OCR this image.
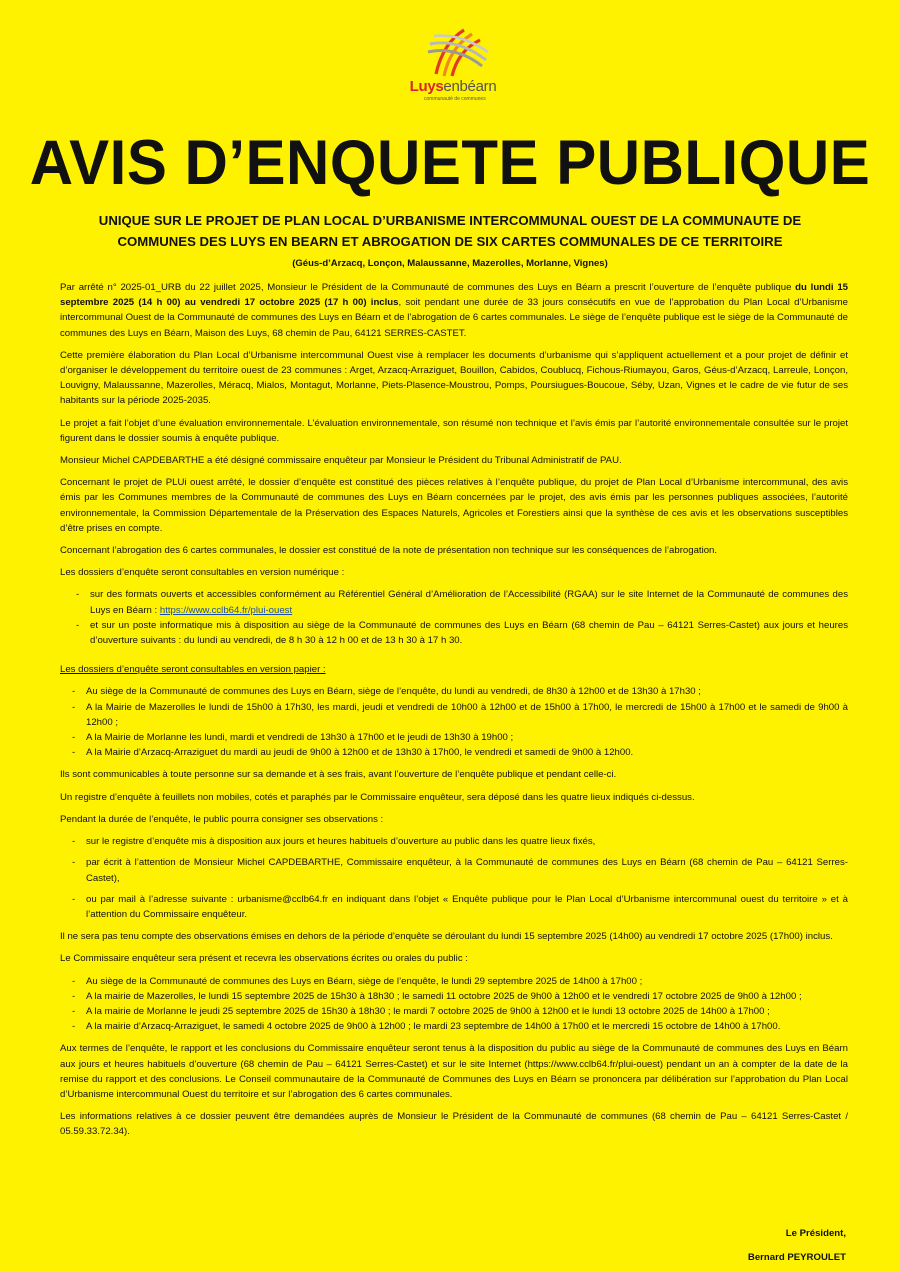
Luysenbéarn
communauté de communes
AVIS D’ENQUETE PUBLIQUE
UNIQUE SUR LE PROJET DE PLAN LOCAL D’URBANISME INTERCOMMUNAL OUEST DE LA COMMUNAUTE DE COMMUNES DES LUYS EN BEARN ET ABROGATION DE SIX CARTES COMMUNALES DE CE TERRITOIRE
(Géus-d’Arzacq, Lonçon, Malaussanne, Mazerolles, Morlanne, Vignes)

Par arrêté n° 2025-01_URB du 22 juillet 2025, Monsieur le Président de la Communauté de communes des Luys en Béarn a prescrit l’ouverture de l’enquête publique du lundi 15 septembre 2025 (14 h 00) au vendredi 17 octobre 2025 (17 h 00) inclus, soit pendant une durée de 33 jours consécutifs en vue de l’approbation du Plan Local d’Urbanisme intercommunal Ouest de la Communauté de communes des Luys en Béarn et de l’abrogation de 6 cartes communales. Le siège de l’enquête publique est le siège de la Communauté de communes des Luys en Béarn, Maison des Luys, 68 chemin de Pau, 64121 SERRES-CASTET.

Cette première élaboration du Plan Local d’Urbanisme intercommunal Ouest vise à remplacer les documents d’urbanisme qui s’appliquent actuellement et a pour projet de définir et d’organiser le développement du territoire ouest de 23 communes : Arget, Arzacq-Arraziguet, Bouillon, Cabidos, Coublucq, Fichous-Riumayou, Garos, Géus-d’Arzacq, Larreule, Lonçon, Louvigny, Malaussanne, Mazerolles, Méracq, Mialos, Montagut, Morlanne, Piets-Plasence-Moustrou, Pomps, Poursiugues-Boucoue, Séby, Uzan, Vignes et le cadre de vie futur de ses habitants sur la période 2025-2035.

Le projet a fait l’objet d’une évaluation environnementale. L’évaluation environnementale, son résumé non technique et l’avis émis par l’autorité environnementale consultée sur le projet figurent dans le dossier soumis à enquête publique.

Monsieur Michel CAPDEBARTHE a été désigné commissaire enquêteur par Monsieur le Président du Tribunal Administratif de PAU.

Concernant le projet de PLUi ouest arrêté, le dossier d’enquête est constitué des pièces relatives à l’enquête publique, du projet de Plan Local d’Urbanisme intercommunal, des avis émis par les Communes membres de la Communauté de communes des Luys en Béarn concernées par le projet, des avis émis par les personnes publiques associées, l’autorité environnementale, la Commission Départementale de la Préservation des Espaces Naturels, Agricoles et Forestiers ainsi que la synthèse de ces avis et les observations susceptibles d’être prises en compte.

Concernant l’abrogation des 6 cartes communales, le dossier est constitué de la note de présentation non technique sur les conséquences de l’abrogation.

Les dossiers d’enquête seront consultables en version numérique :

- sur des formats ouverts et accessibles conformément au Référentiel Général d’Amélioration de l’Accessibilité (RGAA) sur le site Internet de la Communauté de communes des Luys en Béarn : https://www.cclb64.fr/plui-ouest
- et sur un poste informatique mis à disposition au siège de la Communauté de communes des Luys en Béarn (68 chemin de Pau – 64121 Serres-Castet) aux jours et heures d’ouverture suivants : du lundi au vendredi, de 8 h 30 à 12 h 00 et de 13 h 30 à 17 h 30.

Les dossiers d’enquête seront consultables en version papier :

- Au siège de la Communauté de communes des Luys en Béarn, siège de l’enquête, du lundi au vendredi, de 8h30 à 12h00 et de 13h30 à 17h30 ;
- A la Mairie de Mazerolles le lundi de 15h00 à 17h30, les mardi, jeudi et vendredi de 10h00 à 12h00 et de 15h00 à 17h00, le mercredi de 15h00 à 17h00 et le samedi de 9h00 à 12h00 ;
- A la Mairie de Morlanne les lundi, mardi et vendredi de 13h30 à 17h00 et le jeudi de 13h30 à 19h00 ;
- A la Mairie d’Arzacq-Arraziguet du mardi au jeudi de 9h00 à 12h00 et de 13h30 à 17h00, le vendredi et samedi de 9h00 à 12h00.

Ils sont communicables à toute personne sur sa demande et à ses frais, avant l’ouverture de l’enquête publique et pendant celle-ci.

Un registre d’enquête à feuillets non mobiles, cotés et paraphés par le Commissaire enquêteur, sera déposé dans les quatre lieux indiqués ci-dessus.

Pendant la durée de l’enquête, le public pourra consigner ses observations :

- sur le registre d’enquête mis à disposition aux jours et heures habituels d’ouverture au public dans les quatre lieux fixés,
- par écrit à l’attention de Monsieur Michel CAPDEBARTHE, Commissaire enquêteur, à la Communauté de communes des Luys en Béarn (68 chemin de Pau – 64121 Serres-Castet),
- ou par mail à l’adresse suivante : urbanisme@cclb64.fr en indiquant dans l’objet « Enquête publique pour le Plan Local d’Urbanisme intercommunal ouest du territoire » et à l’attention du Commissaire enquêteur.

Il ne sera pas tenu compte des observations émises en dehors de la période d’enquête se déroulant du lundi 15 septembre 2025 (14h00) au vendredi 17 octobre 2025 (17h00) inclus.

Le Commissaire enquêteur sera présent et recevra les observations écrites ou orales du public :

- Au siège de la Communauté de communes des Luys en Béarn, siège de l’enquête, le lundi 29 septembre 2025 de 14h00 à 17h00 ;
- A la mairie de Mazerolles, le lundi 15 septembre 2025 de 15h30 à 18h30 ; le samedi 11 octobre 2025 de 9h00 à 12h00 et le vendredi 17 octobre 2025 de 9h00 à 12h00 ;
- A la mairie de Morlanne le jeudi 25 septembre 2025 de 15h30 à 18h30 ; le mardi 7 octobre 2025 de 9h00 à 12h00 et le lundi 13 octobre 2025 de 14h00 à 17h00 ;
- A la mairie d’Arzacq-Arraziguet, le samedi 4 octobre 2025 de 9h00 à 12h00 ; le mardi 23 septembre de 14h00 à 17h00 et le mercredi 15 octobre de 14h00 à 17h00.

Aux termes de l’enquête, le rapport et les conclusions du Commissaire enquêteur seront tenus à la disposition du public au siège de la Communauté de communes des Luys en Béarn aux jours et heures habituels d’ouverture (68 chemin de Pau – 64121 Serres-Castet) et sur le site Internet (https://www.cclb64.fr/plui-ouest) pendant un an à compter de la date de la remise du rapport et des conclusions. Le Conseil communautaire de la Communauté de Communes des Luys en Béarn se prononcera par délibération sur l’approbation du Plan Local d’Urbanisme intercommunal Ouest du territoire et sur l’abrogation des 6 cartes communales.

Les informations relatives à ce dossier peuvent être demandées auprès de Monsieur le Président de la Communauté de communes (68 chemin de Pau – 64121 Serres-Castet / 05.59.33.72.34).

Le Président,
Bernard PEYROULET
